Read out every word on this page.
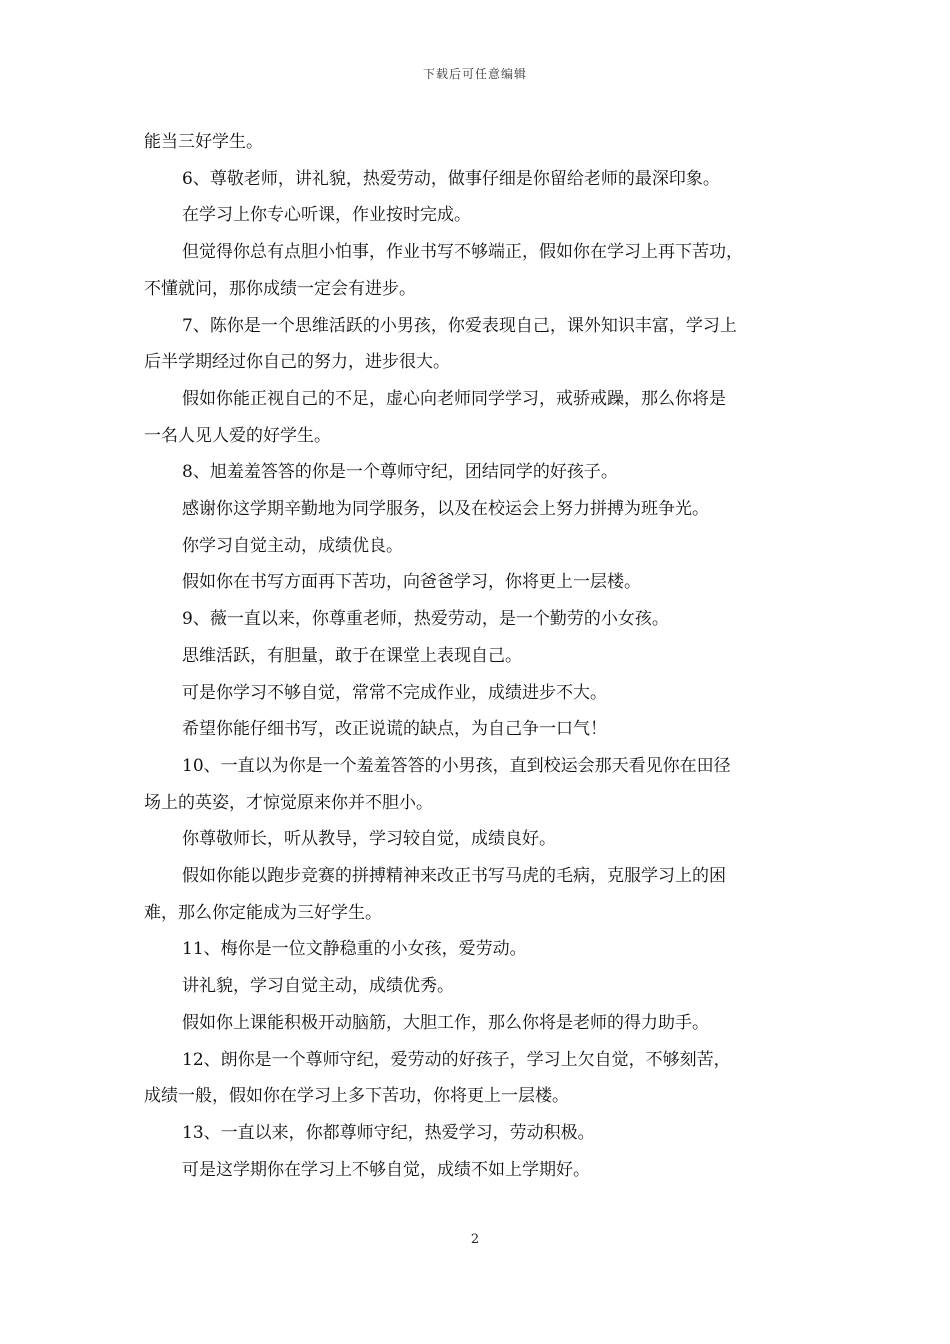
下载后可任意编辑

能当三好学生。

6、尊敬老师，讲礼貌，热爱劳动，做事仔细是你留给老师的最深印象。

在学习上你专心听课，作业按时完成。

但觉得你总有点胆小怕事，作业书写不够端正，假如你在学习上再下苦功，

不懂就问，那你成绩一定会有进步。

7、陈你是一个思维活跃的小男孩，你爱表现自己，课外知识丰富，学习上

后半学期经过你自己的努力，进步很大。

假如你能正视自己的不足，虚心向老师同学学习，戒骄戒躁，那么你将是

一名人见人爱的好学生。

8、旭羞羞答答的你是一个尊师守纪，团结同学的好孩子。

感谢你这学期辛勤地为同学服务，以及在校运会上努力拼搏为班争光。

你学习自觉主动，成绩优良。

假如你在书写方面再下苦功，向爸爸学习，你将更上一层楼。

9、薇一直以来，你尊重老师，热爱劳动，是一个勤劳的小女孩。

思维活跃，有胆量，敢于在课堂上表现自己。

可是你学习不够自觉，常常不完成作业，成绩进步不大。

希望你能仔细书写，改正说谎的缺点，为自己争一口气！

10、一直以为你是一个羞羞答答的小男孩，直到校运会那天看见你在田径

场上的英姿，才惊觉原来你并不胆小。

你尊敬师长，听从教导，学习较自觉，成绩良好。

假如你能以跑步竞赛的拼搏精神来改正书写马虎的毛病，克服学习上的困

难，那么你定能成为三好学生。

11、梅你是一位文静稳重的小女孩，爱劳动。

讲礼貌，学习自觉主动，成绩优秀。

假如你上课能积极开动脑筋，大胆工作，那么你将是老师的得力助手。

12、朗你是一个尊师守纪，爱劳动的好孩子，学习上欠自觉，不够刻苦，

成绩一般，假如你在学习上多下苦功，你将更上一层楼。

13、一直以来，你都尊师守纪，热爱学习，劳动积极。

可是这学期你在学习上不够自觉，成绩不如上学期好。

2
